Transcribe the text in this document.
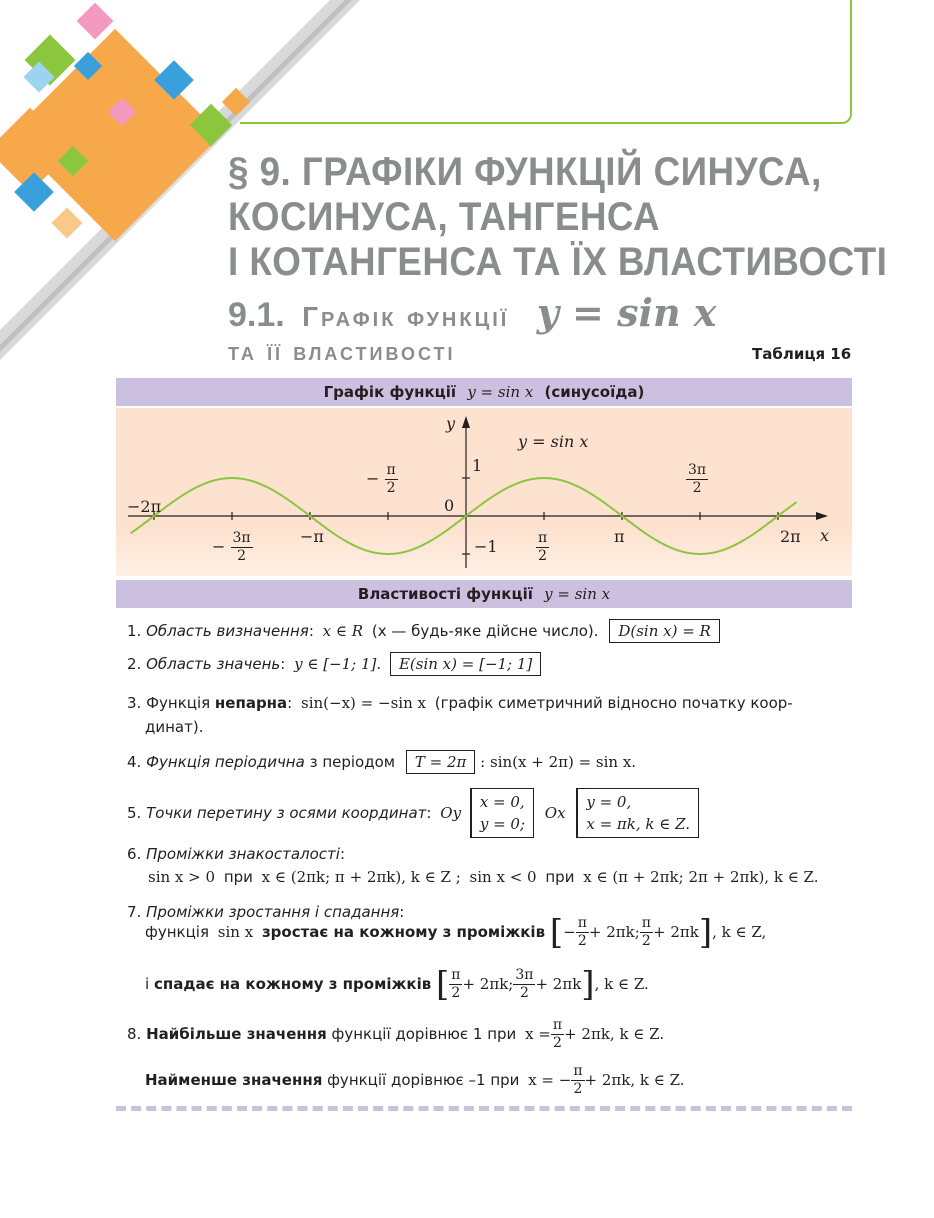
§ 9. ГРАФІКИ ФУНКЦІЙ СИНУСА,
КОСИНУСА, ТАНГЕНСА
І КОТАНГЕНСА ТА ЇХ ВЛАСТИВОСТІ
9.1. Графік функції y = sin x
та її властивості	Таблиця 16
Графік функції y = sin x (синусоїда)
y
x
y = sin x
0
1
−1
−2π
−π	π	2π
− $\frac{3\pi}{2}$
− $\frac{\pi}{2}$
$\frac{\pi}{2}$
$\frac{3\pi}{2}$
Властивості функції y = sin x
1. Область визначення: x ∈ R (x — будь-яке дійсне число). D(sin x) = R
2. Область значень: y ∈ [−1; 1]. E(sin x) = [−1; 1]
3. Функція непарна: sin(−x) = −sin x (графік симетричний відносно початку коор-
динат).
4. Функція періодична з періодом T = 2π : sin(x + 2π) = sin x.
5. Точки перетину з осями координат: Oy
x = 0,
y = 0;
Ox
y = 0,
x = πk, k ∈ Z.
6. Проміжки знакосталості:
sin x > 0 при x ∈ (2πk; π + 2πk), k ∈ Z ; sin x < 0 при x ∈ (π + 2πk; 2π + 2πk), k ∈ Z.
7. Проміжки зростання і спадання:
функція sin x зростає на кожному з проміжків [− $\frac{\pi}{2} + 2\pi k$; $\frac{\pi}{2} + 2\pi k$], k ∈ Z,
і спадає на кожному з проміжків [ $\frac{\pi}{2} + 2\pi k$; $\frac{3\pi}{2} + 2\pi k$], k ∈ Z.
8. Найбільше значення функції дорівнює 1 при $x = \frac{\pi}{2} + 2\pi k$, k ∈ Z.
Найменше значення функції дорівнює –1 при x = − $\frac{\pi}{2} + 2\pi k$, k ∈ Z.
